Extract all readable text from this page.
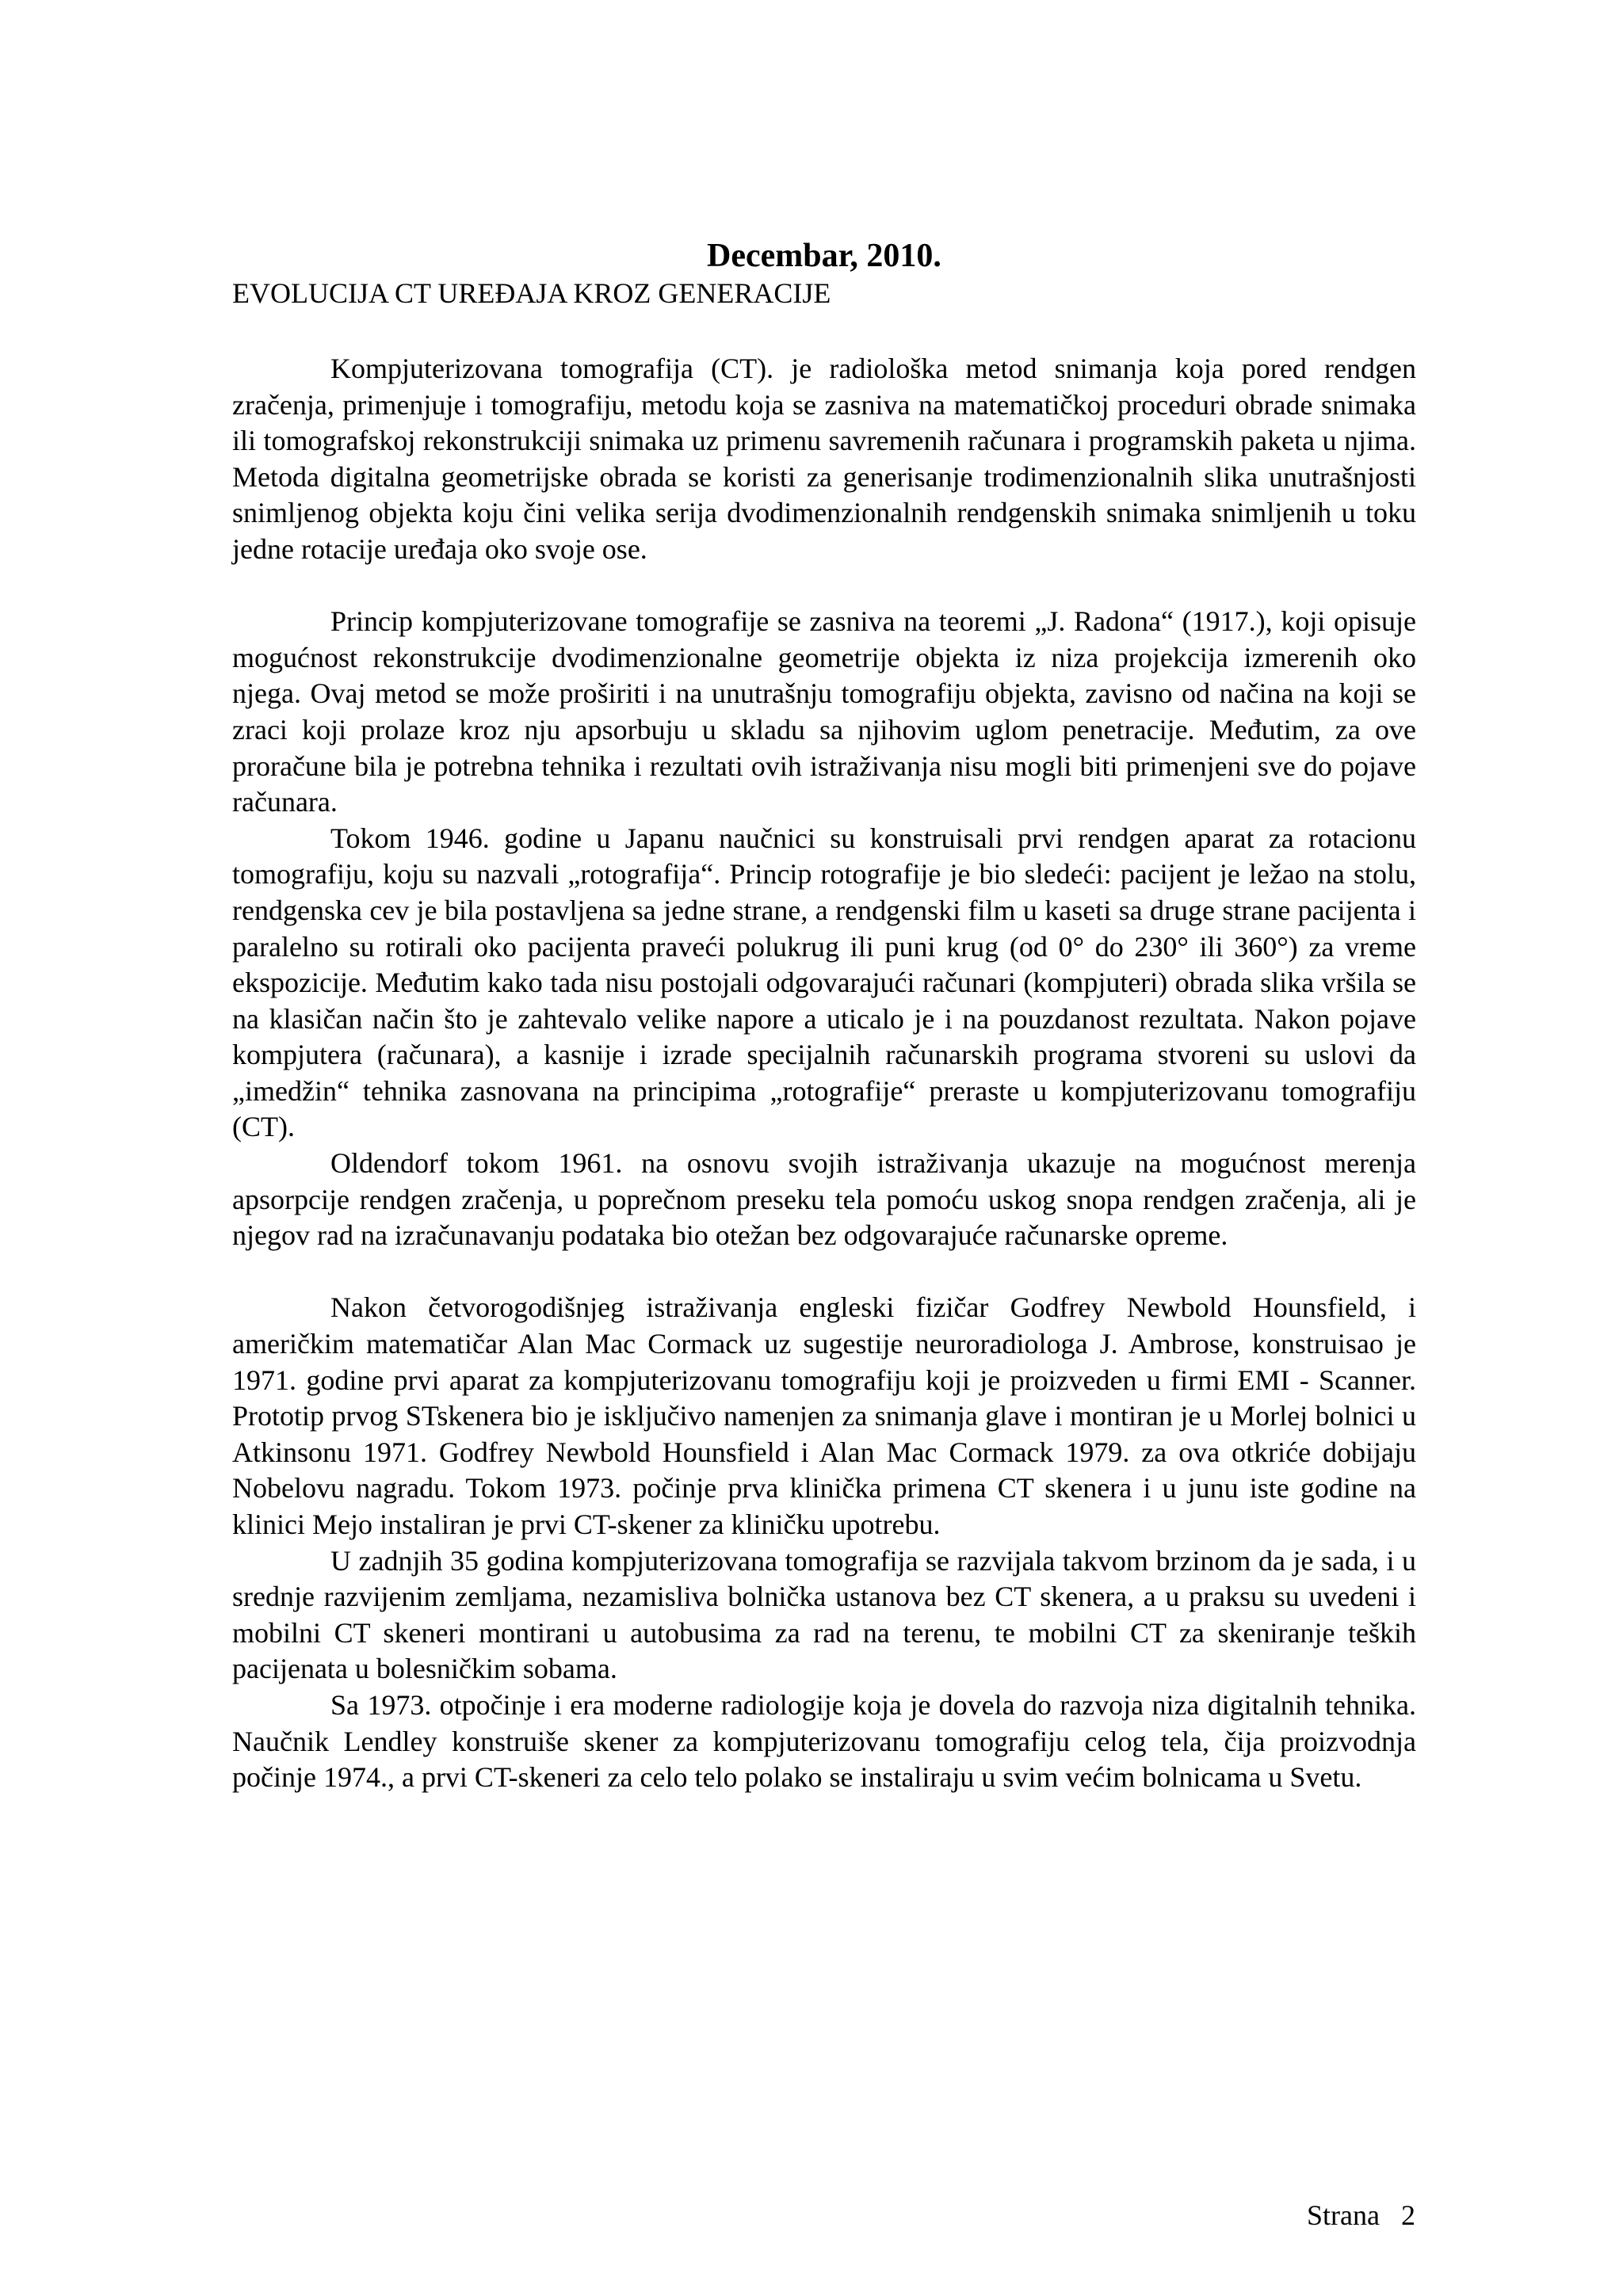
Decembar, 2010.
EVOLUCIJA CT UREĐAJA KROZ GENERACIJE

Kompjuterizovana tomografija (CT). je radiološka metod snimanja koja pored rendgen zračenja, primenjuje i tomografiju, metodu koja se zasniva na matematičkoj proceduri obrade snimaka ili tomografskoj rekonstrukciji snimaka uz primenu savremenih računara i programskih paketa u njima. Metoda digitalna geometrijske obrada se koristi za generisanje trodimenzionalnih slika unutrašnjosti snimljenog objekta koju čini velika serija dvodimenzionalnih rendgenskih snimaka snimljenih u toku jedne rotacije uređaja oko svoje ose.

Princip kompjuterizovane tomografije se zasniva na teoremi „J. Radona“ (1917.), koji opisuje mogućnost rekonstrukcije dvodimenzionalne geometrije objekta iz niza projekcija izmerenih oko njega. Ovaj metod se može proširiti i na unutrašnju tomografiju objekta, zavisno od načina na koji se zraci koji prolaze kroz nju apsorbuju u skladu sa njihovim uglom penetracije. Međutim, za ove proračune bila je potrebna tehnika i rezultati ovih istraživanja nisu mogli biti primenjeni sve do pojave računara.

Tokom 1946. godine u Japanu naučnici su konstruisali prvi rendgen aparat za rotacionu tomografiju, koju su nazvali „rotografija“. Princip rotografije je bio sledeći: pacijent je ležao na stolu, rendgenska cev je bila postavljena sa jedne strane, a rendgenski film u kaseti sa druge strane pacijenta i paralelno su rotirali oko pacijenta praveći polukrug ili puni krug (od 0° do 230° ili 360°) za vreme ekspozicije. Međutim kako tada nisu postojali odgovarajući računari (kompjuteri) obrada slika vršila se na klasičan način što je zahtevalo velike napore a uticalo je i na pouzdanost rezultata. Nakon pojave kompjutera (računara), a kasnije i izrade specijalnih računarskih programa stvoreni su uslovi da „imedžin“ tehnika zasnovana na principima „rotografije“ preraste u kompjuterizovanu tomografiju (CT).

Oldendorf tokom 1961. na osnovu svojih istraživanja ukazuje na mogućnost merenja apsorpcije rendgen zračenja, u poprečnom preseku tela pomoću uskog snopa rendgen zračenja, ali je njegov rad na izračunavanju podataka bio otežan bez odgovarajuće računarske opreme.

Nakon četvorogodišnjeg istraživanja engleski fizičar Godfrey Newbold Hounsfield, i američkim matematičar Alan Mac Cormack uz sugestije neuroradiologa J. Ambrose, konstruisao je 1971. godine prvi aparat za kompjuterizovanu tomografiju koji je proizveden u firmi EMI - Scanner. Prototip prvog STskenera bio je isključivo namenjen za snimanja glave i montiran je u Morlej bolnici u Atkinsonu 1971. Godfrey Newbold Hounsfield i Alan Mac Cormack 1979. za ova otkriće dobijaju Nobelovu nagradu. Tokom 1973. počinje prva klinička primena CT skenera i u junu iste godine na klinici Mejo instaliran je prvi CT-skener za kliničku upotrebu.

U zadnjih 35 godina kompjuterizovana tomografija se razvijala takvom brzinom da je sada, i u srednje razvijenim zemljama, nezamisliva bolnička ustanova bez CT skenera, a u praksu su uvedeni i mobilni CT skeneri montirani u autobusima za rad na terenu, te mobilni CT za skeniranje teških pacijenata u bolesničkim sobama.

Sa 1973. otpočinje i era moderne radiologije koja je dovela do razvoja niza digitalnih tehnika. Naučnik Lendley konstruiše skener za kompjuterizovanu tomografiju celog tela, čija proizvodnja počinje 1974., a prvi CT-skeneri za celo telo polako se instaliraju u svim većim bolnicama u Svetu.

Strana 2
